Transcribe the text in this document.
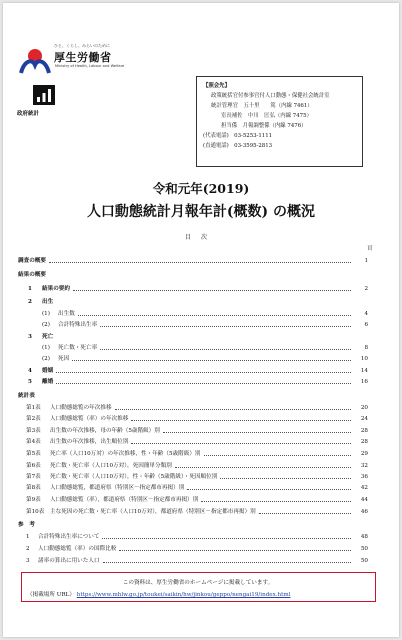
ひと、くらし、みらいのために
厚生労働省
Ministry of Health, Labour and Welfare
政府統計
【照会先】
政策統括官付参事官付人口動態・保健社会統計室
統計管理官　五十里　　篤（内線 7461）
室長補佐　中川　匡弘（内線 7475）
担当係　月報調整係（内線 7476）
(代表電話)　03-5253-1111
(直通電話)　03-3595-2813
令和元年(2019)
人口動態統計月報年計(概数) の概況
目次
頁
調査の概要	1
結果の概要
1 結果の要約	2
2 出生
(1) 出生数	4
(2) 合計特殊出生率	6
3 死亡
(1) 死亡数・死亡率	8
(2) 死因	10
4 婚姻	14
5 離婚	16
統計表
第1表 人口動態総覧の年次推移	20
第2表 人口動態総覧（率）の年次推移	24
第3表 出生数の年次推移，母の年齢（5歳階級）別	28
第4表 出生数の年次推移，出生順位別	28
第5表 死亡率（人口10万対）の年次推移，性・年齢（5歳階級）別	29
第6表 死亡数・死亡率（人口10万対），死因簡単分類別	32
第7表 死亡数・死亡率（人口10万対），性・年齢（5歳階級）・死因順位別	36
第8表 人口動態総覧，都道府県（特別区－指定都市再掲）別	42
第9表 人口動態総覧（率），都道府県（特別区－指定都市再掲）別	44
第10表 主な死因の死亡数・死亡率（人口10万対），都道府県（特別区－指定都市再掲）別	46
参　考
1 合計特殊出生率について	48
2 人口動態総覧（率）の国際比較	50
3 諸率の算出に用いた人口	50
この資料は、厚生労働省のホームページに掲載しています。
（掲載場所 URL） https://www.mhlw.go.jp/toukei/saikin/hw/jinkou/geppo/nengai19/index.html
